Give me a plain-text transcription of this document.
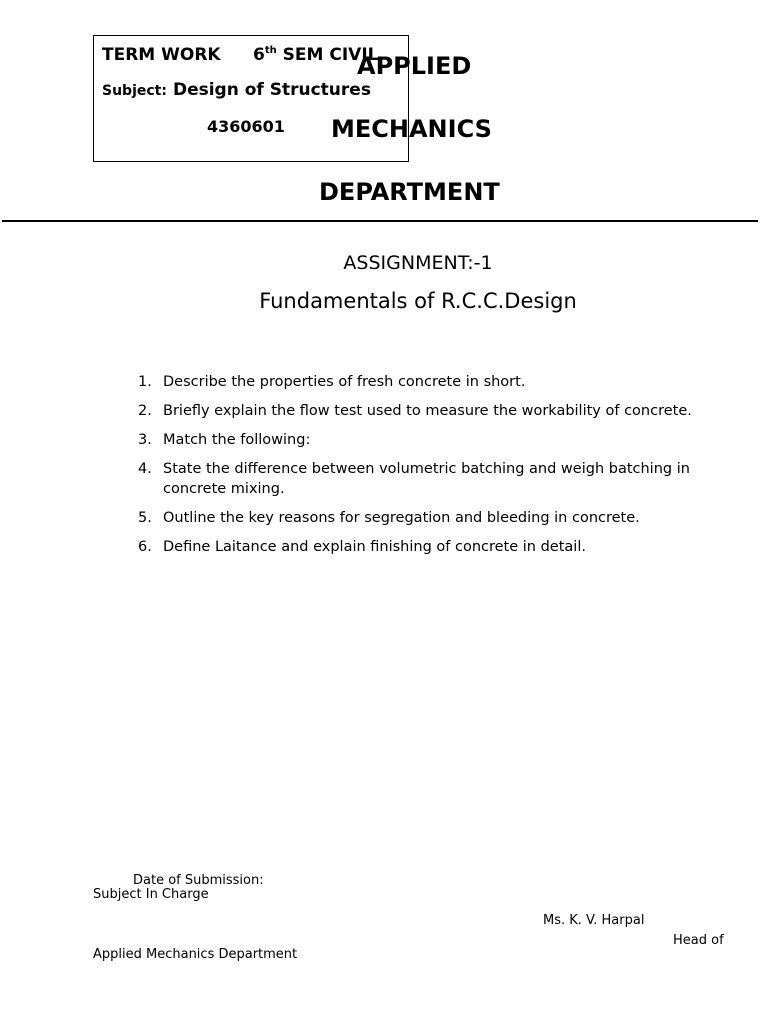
TERM WORK 6th SEM CIVIL
Subject: Design of Structures
4360601
APPLIED
MECHANICS
DEPARTMENT
ASSIGNMENT:-1
Fundamentals of R.C.C.Design
1. Describe the properties of fresh concrete in short.
2. Briefly explain the flow test used to measure the workability of concrete.
3. Match the following:
4. State the difference between volumetric batching and weigh batching in concrete mixing.
5. Outline the key reasons for segregation and bleeding in concrete.
6. Define Laitance and explain finishing of concrete in detail.
Date of Submission:
Subject In Charge
Ms. K. V. Harpal
Head of
Applied Mechanics Department
